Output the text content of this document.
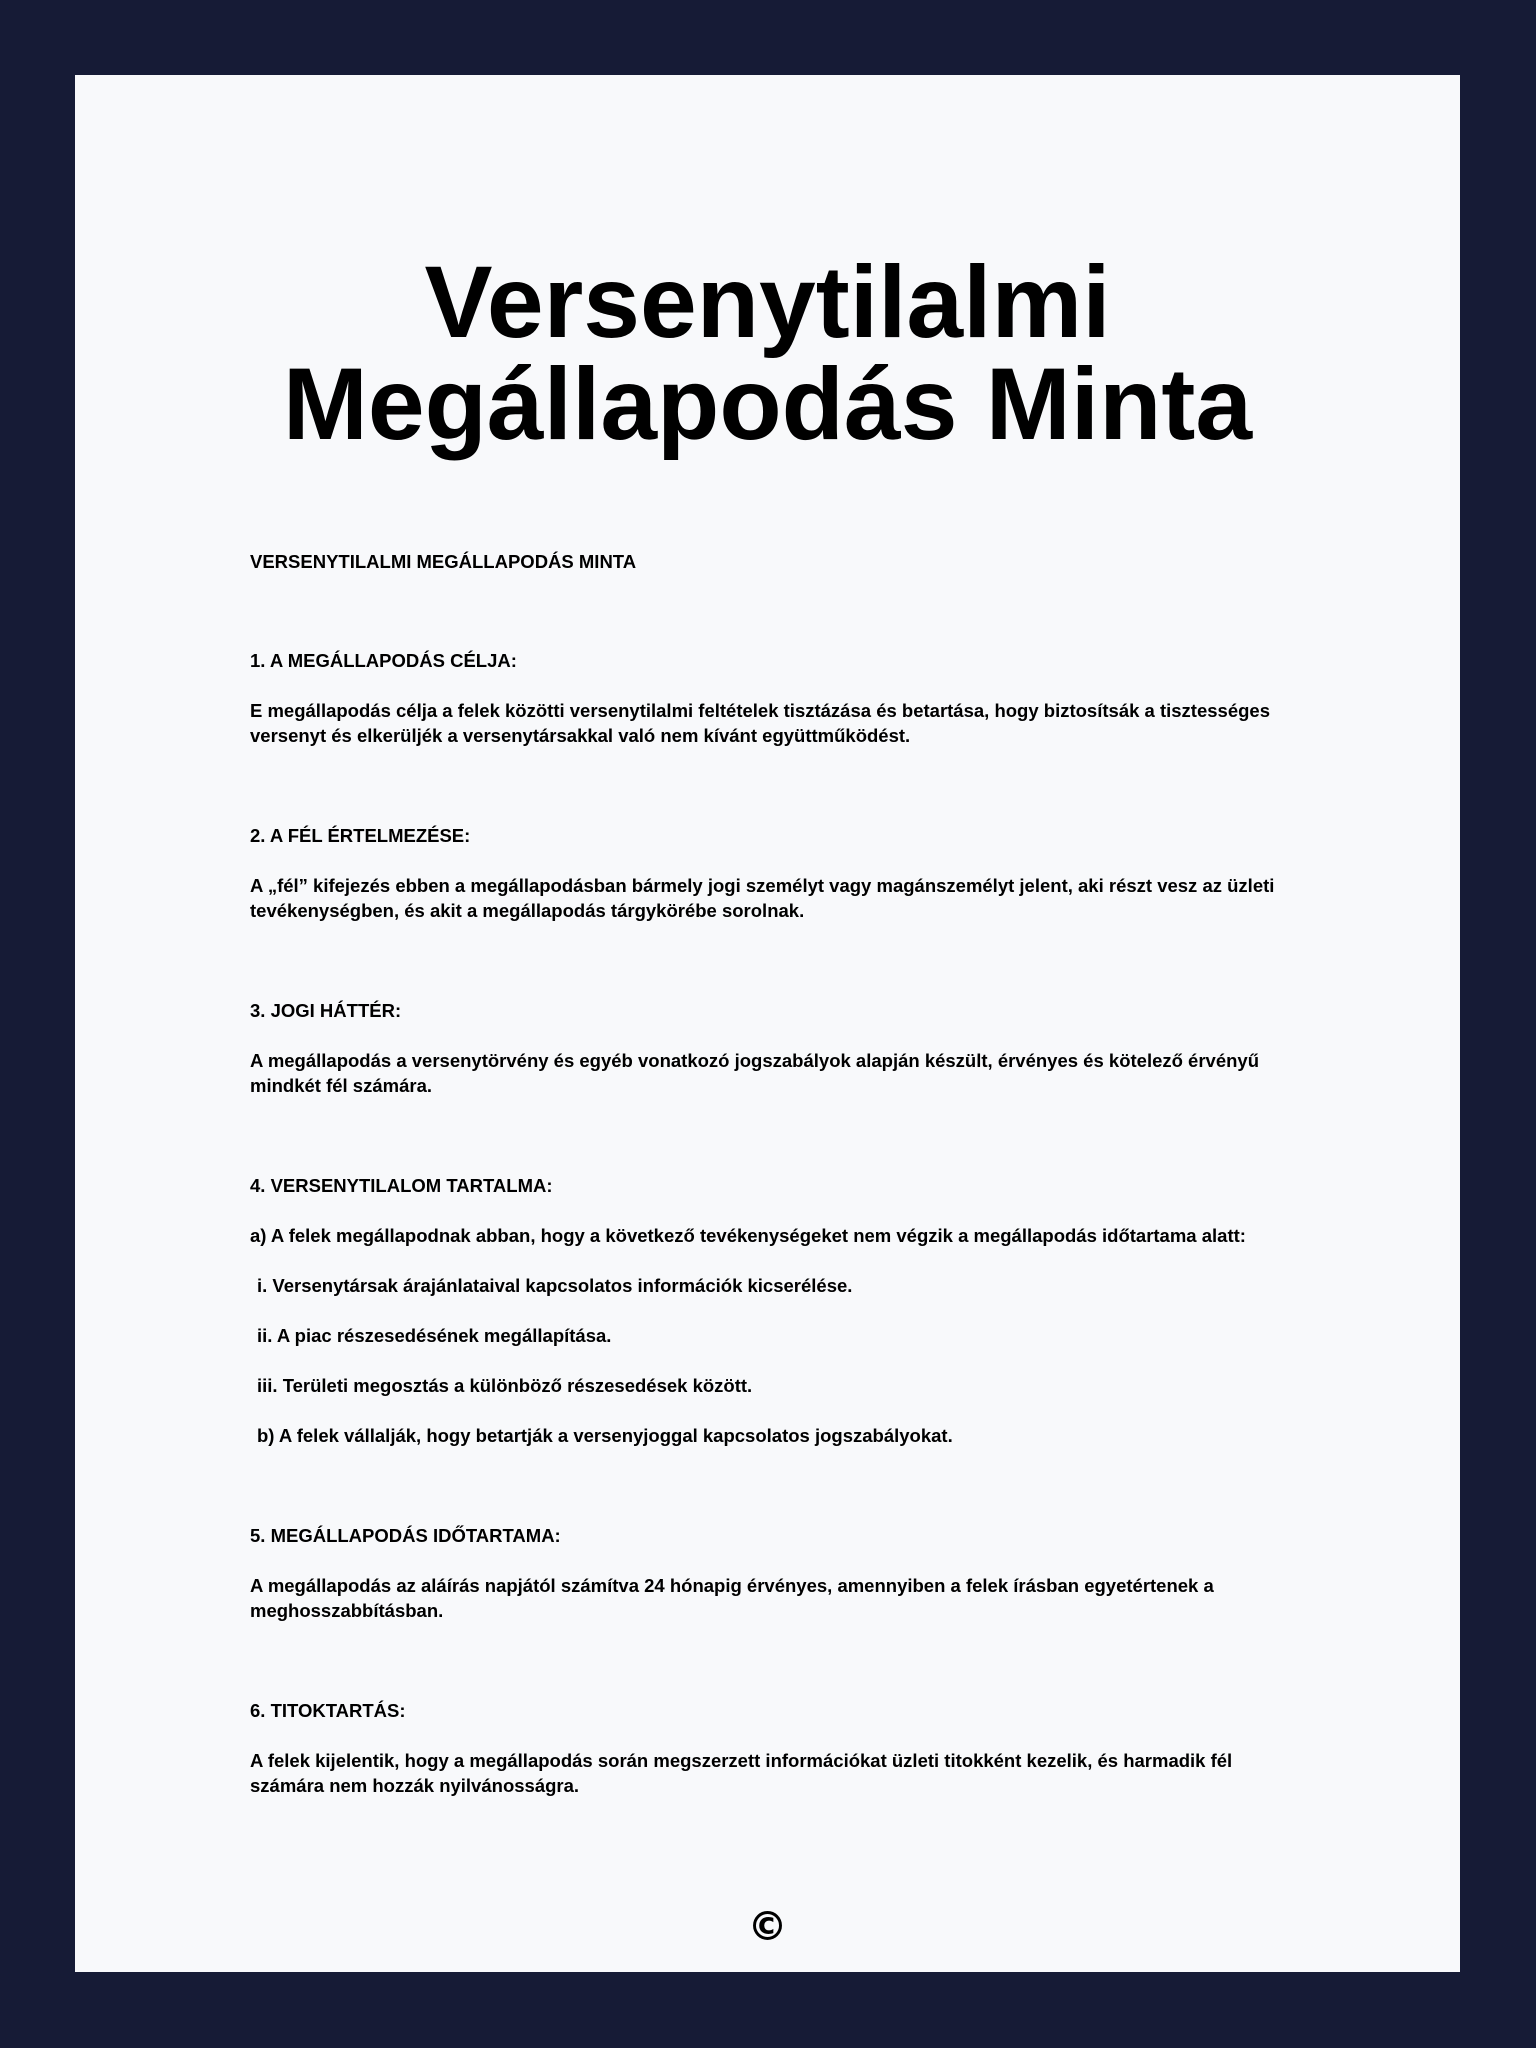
Versenytilalmi Megállapodás Minta
VERSENYTILALMI MEGÁLLAPODÁS MINTA
1. A MEGÁLLAPODÁS CÉLJA:
E megállapodás célja a felek közötti versenytilalmi feltételek tisztázása és betartása, hogy biztosítsák a tisztességes versenyt és elkerüljék a versenytársakkal való nem kívánt együttműködést.
2. A FÉL ÉRTELMEZÉSE:
A „fél” kifejezés ebben a megállapodásban bármely jogi személyt vagy magánszemélyt jelent, aki részt vesz az üzleti tevékenységben, és akit a megállapodás tárgykörébe sorolnak.
3. JOGI HÁTTÉR:
A megállapodás a versenytörvény és egyéb vonatkozó jogszabályok alapján készült, érvényes és kötelező érvényű mindkét fél számára.
4. VERSENYTILALOM TARTALMA:
a) A felek megállapodnak abban, hogy a következő tevékenységeket nem végzik a megállapodás időtartama alatt:
i. Versenytársak árajánlataival kapcsolatos információk kicserélése.
ii. A piac részesedésének megállapítása.
iii. Területi megosztás a különböző részesedések között.
b) A felek vállalják, hogy betartják a versenyjoggal kapcsolatos jogszabályokat.
5. MEGÁLLAPODÁS IDŐTARTAMA:
A megállapodás az aláírás napjától számítva 24 hónapig érvényes, amennyiben a felek írásban egyetértenek a meghosszabbításban.
6. TITOKTARTÁS:
A felek kijelentik, hogy a megállapodás során megszerzett információkat üzleti titokként kezelik, és harmadik fél számára nem hozzák nyilvánosságra.
©
